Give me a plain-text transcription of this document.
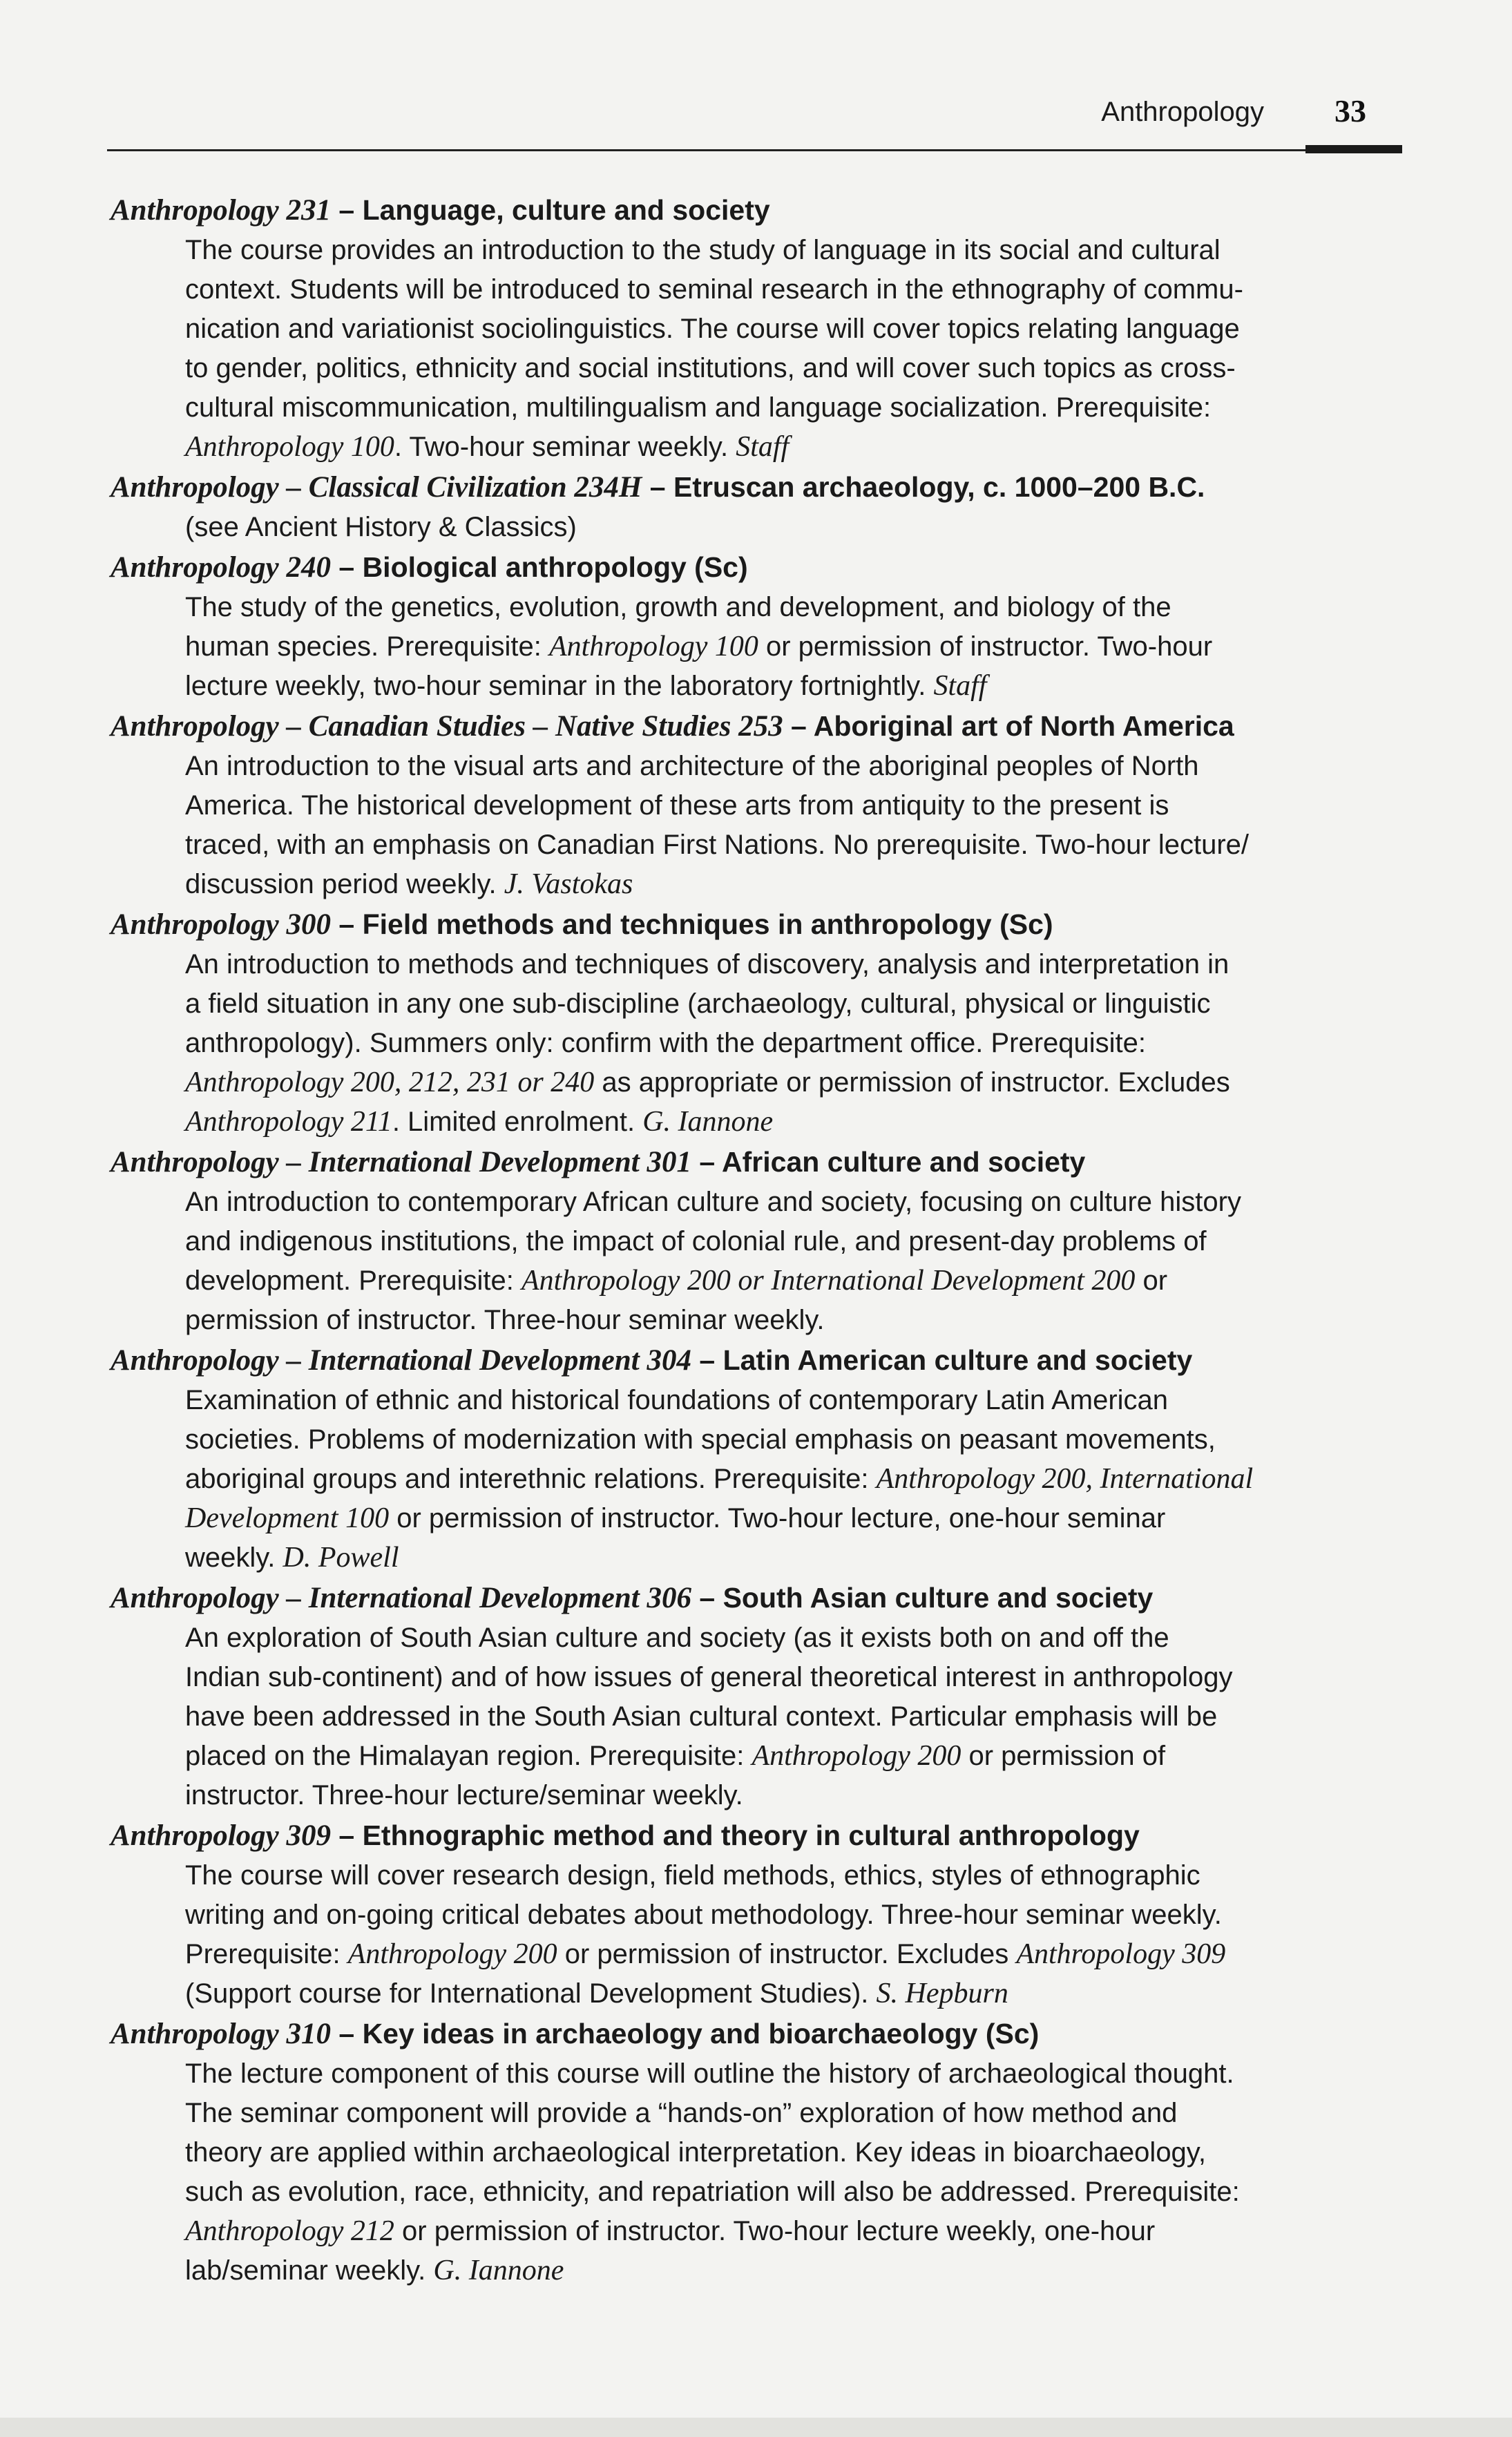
Anthropology 33
Anthropology 231 – Language, culture and society
The course provides an introduction to the study of language in its social and cultural
context. Students will be introduced to seminal research in the ethnography of commu-
nication and variationist sociolinguistics. The course will cover topics relating language
to gender, politics, ethnicity and social institutions, and will cover such topics as cross-
cultural miscommunication, multilingualism and language socialization. Prerequisite:
Anthropology 100. Two-hour seminar weekly. Staff
Anthropology – Classical Civilization 234H – Etruscan archaeology, c. 1000–200 B.C.
(see Ancient History & Classics)
Anthropology 240 – Biological anthropology (Sc)
The study of the genetics, evolution, growth and development, and biology of the
human species. Prerequisite: Anthropology 100 or permission of instructor. Two-hour
lecture weekly, two-hour seminar in the laboratory fortnightly. Staff
Anthropology – Canadian Studies – Native Studies 253 – Aboriginal art of North America
An introduction to the visual arts and architecture of the aboriginal peoples of North
America. The historical development of these arts from antiquity to the present is
traced, with an emphasis on Canadian First Nations. No prerequisite. Two-hour lecture/
discussion period weekly. J. Vastokas
Anthropology 300 – Field methods and techniques in anthropology (Sc)
An introduction to methods and techniques of discovery, analysis and interpretation in
a field situation in any one sub-discipline (archaeology, cultural, physical or linguistic
anthropology). Summers only: confirm with the department office. Prerequisite:
Anthropology 200, 212, 231 or 240 as appropriate or permission of instructor. Excludes
Anthropology 211. Limited enrolment. G. Iannone
Anthropology – International Development 301 – African culture and society
An introduction to contemporary African culture and society, focusing on culture history
and indigenous institutions, the impact of colonial rule, and present-day problems of
development. Prerequisite: Anthropology 200 or International Development 200 or
permission of instructor. Three-hour seminar weekly.
Anthropology – International Development 304 – Latin American culture and society
Examination of ethnic and historical foundations of contemporary Latin American
societies. Problems of modernization with special emphasis on peasant movements,
aboriginal groups and interethnic relations. Prerequisite: Anthropology 200, International
Development 100 or permission of instructor. Two-hour lecture, one-hour seminar
weekly. D. Powell
Anthropology – International Development 306 – South Asian culture and society
An exploration of South Asian culture and society (as it exists both on and off the
Indian sub-continent) and of how issues of general theoretical interest in anthropology
have been addressed in the South Asian cultural context. Particular emphasis will be
placed on the Himalayan region. Prerequisite: Anthropology 200 or permission of
instructor. Three-hour lecture/seminar weekly.
Anthropology 309 – Ethnographic method and theory in cultural anthropology
The course will cover research design, field methods, ethics, styles of ethnographic
writing and on-going critical debates about methodology. Three-hour seminar weekly.
Prerequisite: Anthropology 200 or permission of instructor. Excludes Anthropology 309
(Support course for International Development Studies). S. Hepburn
Anthropology 310 – Key ideas in archaeology and bioarchaeology (Sc)
The lecture component of this course will outline the history of archaeological thought.
The seminar component will provide a “hands-on” exploration of how method and
theory are applied within archaeological interpretation. Key ideas in bioarchaeology,
such as evolution, race, ethnicity, and repatriation will also be addressed. Prerequisite:
Anthropology 212 or permission of instructor. Two-hour lecture weekly, one-hour
lab/seminar weekly. G. Iannone
